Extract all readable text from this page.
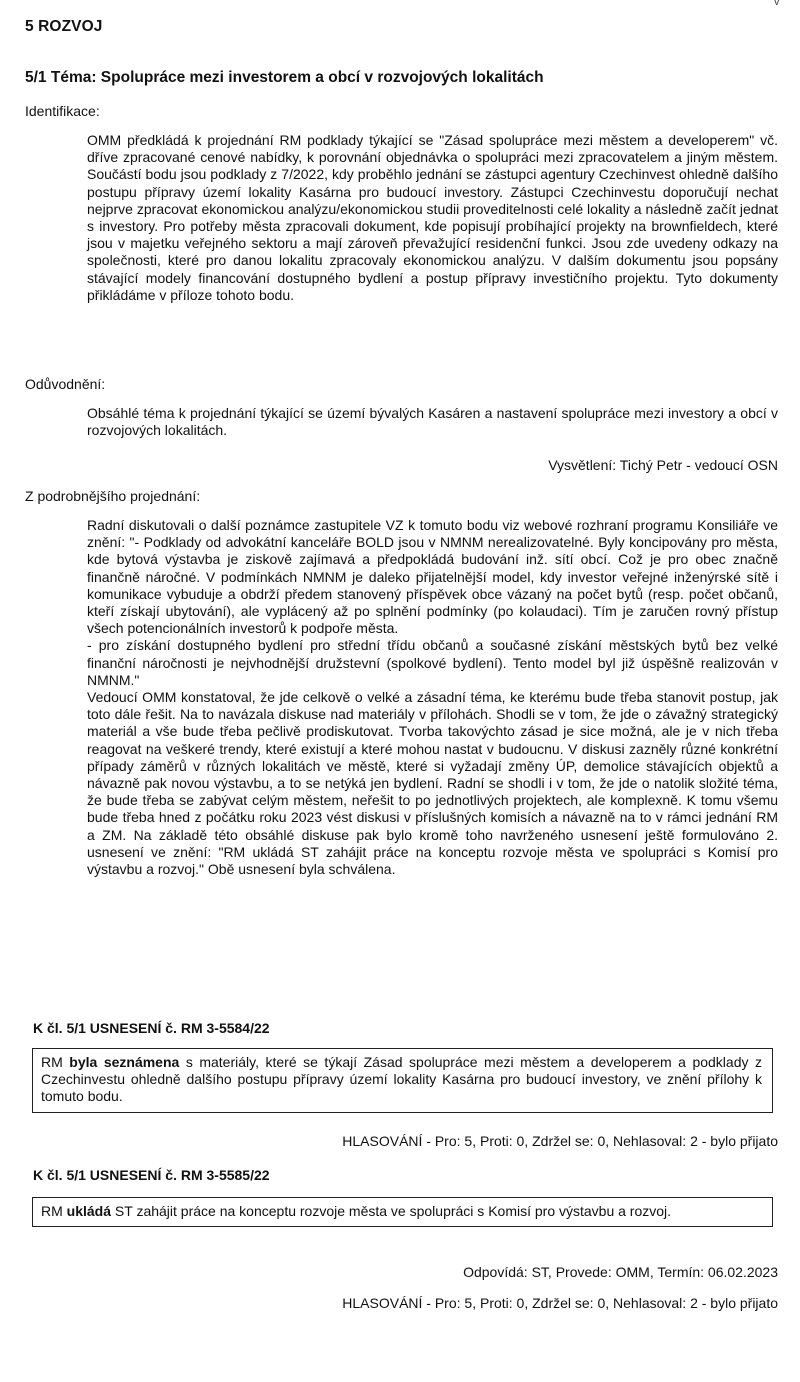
v
5 ROZVOJ
5/1 Téma: Spolupráce mezi investorem a obcí v rozvojových lokalitách
Identifikace:

OMM předkládá k projednání RM podklady týkající se "Zásad spolupráce mezi městem a developerem" vč. dříve zpracované cenové nabídky, k porovnání objednávka o spolupráci mezi zpracovatelem a jiným městem. Součástí bodu jsou podklady z 7/2022, kdy proběhlo jednání se zástupci agentury Czechinvest ohledně dalšího postupu přípravy území lokality Kasárna pro budoucí investory. Zástupci Czechinvestu doporučují nechat nejprve zpracovat ekonomickou analýzu/ekonomickou studii proveditelnosti celé lokality a následně začít jednat s investory. Pro potřeby města zpracovali dokument, kde popisují probíhající projekty na brownfieldech, které jsou v majetku veřejného sektoru a mají zároveň převažující residenční funkci. Jsou zde uvedeny odkazy na společnosti, které pro danou lokalitu zpracovaly ekonomickou analýzu. V dalším dokumentu jsou popsány stávající modely financování dostupného bydlení a postup přípravy investičního projektu. Tyto dokumenty přikládáme v příloze tohoto bodu.

Odůvodnění:

Obsáhlé téma k projednání týkající se území bývalých Kasáren a nastavení spolupráce mezi investory a obcí v rozvojových lokalitách.

Vysvětlení: Tichý Petr - vedoucí OSN
Z podrobnějšího projednání:
Radní diskutovali o další poznámce zastupitele VZ k tomuto bodu viz webové rozhraní programu Konsiliáře ve znění: "- Podklady od advokátní kanceláře BOLD jsou v NMNM nerealizovatelné. Byly koncipovány pro města, kde bytová výstavba je ziskově zajímavá a předpokládá budování inž. sítí obcí. Což je pro obec značně finančně náročné. V podmínkách NMNM je daleko přijatelnější model, kdy investor veřejné inženýrské sítě i komunikace vybuduje a obdrží předem stanovený příspěvek obce vázaný na počet bytů (resp. počet občanů, kteří získají ubytování), ale vyplácený až po splnění podmínky (po kolaudaci). Tím je zaručen rovný přístup všech potencionálních investorů k podpoře města.
- pro získání dostupného bydlení pro střední třídu občanů a současné získání městských bytů bez velké finanční náročnosti je nejvhodnější družstevní (spolkové bydlení). Tento model byl již úspěšně realizován v NMNM."
Vedoucí OMM konstatoval, že jde celkově o velké a zásadní téma, ke kterému bude třeba stanovit postup, jak toto dále řešit. Na to navázala diskuse nad materiály v přílohách. Shodli se v tom, že jde o závažný strategický materiál a vše bude třeba pečlivě prodiskutovat. Tvorba takovýchto zásad je sice možná, ale je v nich třeba reagovat na veškeré trendy, které existují a které mohou nastat v budoucnu. V diskusi zazněly různé konkrétní případy záměrů v různých lokalitách ve městě, které si vyžadají změny ÚP, demolice stávajících objektů a návazně pak novou výstavbu, a to se netýká jen bydlení. Radní se shodli i v tom, že jde o natolik složité téma, že bude třeba se zabývat celým městem, neřešit to po jednotlivých projektech, ale komplexně. K tomu všemu bude třeba hned z počátku roku 2023 vést diskusi v příslušných komisích a návazně na to v rámci jednání RM a ZM. Na základě této obsáhlé diskuse pak bylo kromě toho navrženého usnesení ještě formulováno 2. usnesení ve znění: "RM ukládá ST zahájit práce na konceptu rozvoje města ve spolupráci s Komisí pro výstavbu a rozvoj." Obě usnesení byla schválena.
K čl. 5/1 USNESENÍ č. RM 3-5584/22
RM byla seznámena s materiály, které se týkají Zásad spolupráce mezi městem a developerem a podklady z Czechinvestu ohledně dalšího postupu přípravy území lokality Kasárna pro budoucí investory, ve znění přílohy k tomuto bodu.
HLASOVÁNÍ - Pro: 5, Proti: 0, Zdržel se: 0, Nehlasoval: 2 - bylo přijato
K čl. 5/1 USNESENÍ č. RM 3-5585/22
RM ukládá ST zahájit práce na konceptu rozvoje města ve spolupráci s Komisí pro výstavbu a rozvoj.
Odpovídá: ST, Provede: OMM, Termín: 06.02.2023
HLASOVÁNÍ - Pro: 5, Proti: 0, Zdržel se: 0, Nehlasoval: 2 - bylo přijato
